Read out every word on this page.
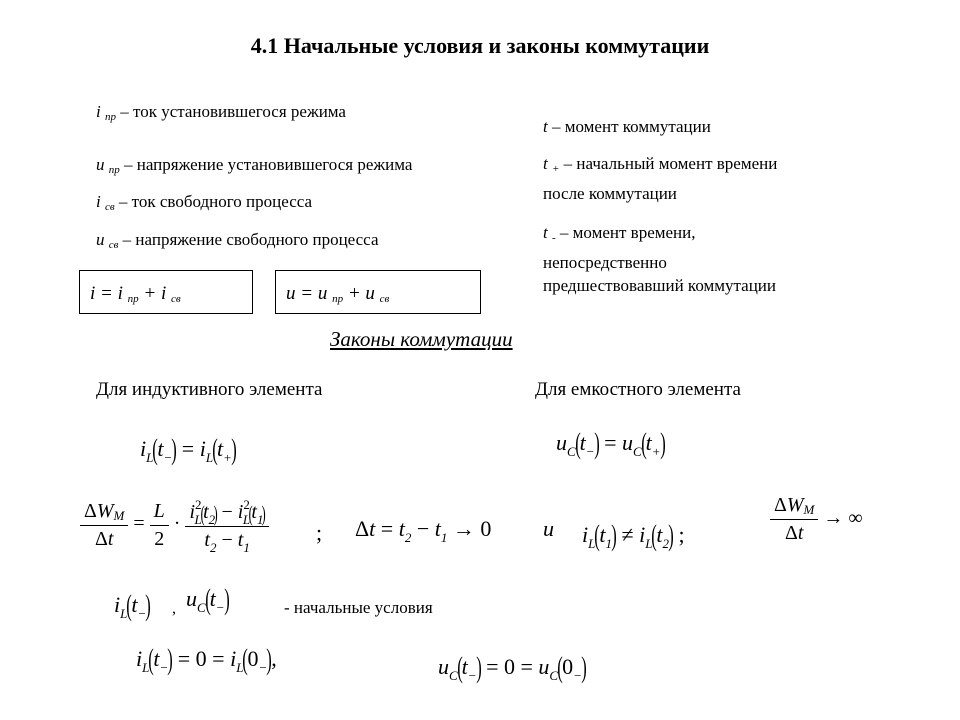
4.1 Начальные условия и законы коммутации
i пр – ток установившегося режима
u пр – напряжение установившегося режима
i св – ток свободного процесса
u св – напряжение свободного процесса
t – момент коммутации
t + – начальный момент времени
после коммутации
t - – момент времени,
непосредственно
предшествовавший коммутации
i = i пр + i св	u = u пр + u св
Законы коммутации
Для индуктивного элемента	Для емкостного элемента
$i_L(t_-) = i_L(t_+)$	$u_C(t_-) = u_C(t_+)$
$\frac{\text{ΔWМ}}{\Delta t} = \frac{L}{2} \cdot \frac{i^2_L(t_2) - i^2_L(t_1)}{t_2 - t_1}$ ; $\Delta t = t_2 - t_1 \to 0$ и $i_L(t_1) \ne i_L(t_2)$ ;	$\frac{\text{ΔWМ}}{\Delta t}$ → ∞
$i_L(t_-)$ , $u_C(t_-)$	- начальные условия
$i_L(t_-) = 0 = i_L(0_-)$,	$u_C(t_-) = 0 = u_C(0_-)$
